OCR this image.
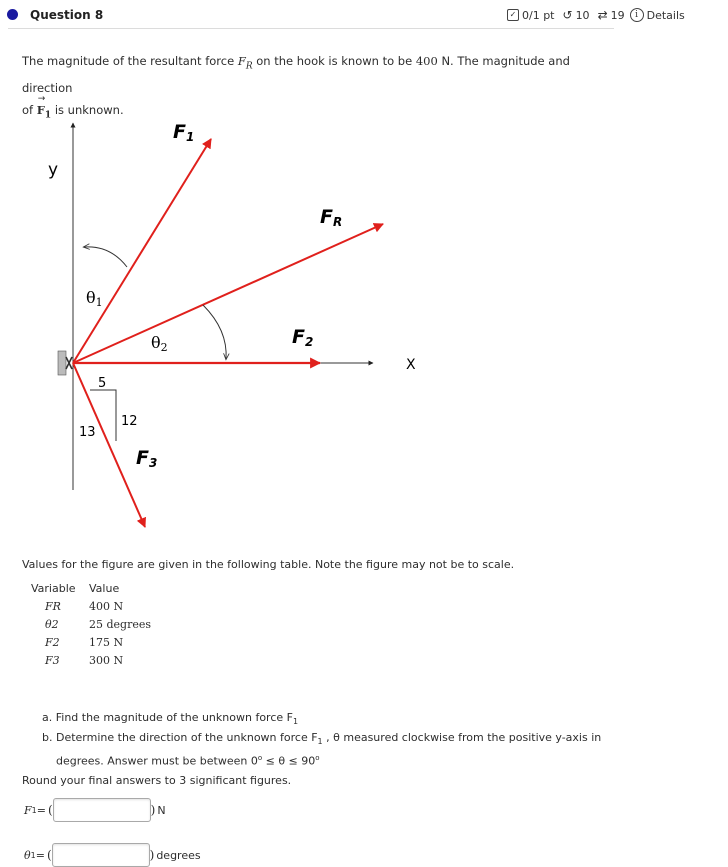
Question 8	✓ 0/1 pt ↺ 10 ⇄ 19	i Details
The magnitude of the resultant force $F_R$ on the hook is known to be 400 N. The magnitude and direction
of
→
$F_1$ is unknown.
y
X
F1
FR
F2
F3
θ1
θ2
5
12
13
Values for the figure are given in the following table. Note the figure may not be to scale.
Variable	Value
FR	400 N
θ2	25 degrees
F2	175 N
F3	300 N
a. Find the magnitude of the unknown force $F_1$
b. Determine the direction of the unknown force $F_1$ , θ measured clockwise from the positive y-axis in
degrees. Answer must be between $0^o \le \theta \le 90^o$
Round your final answers to 3 significant figures.
F 1 = (	) N
θ 1 = (	) degrees
